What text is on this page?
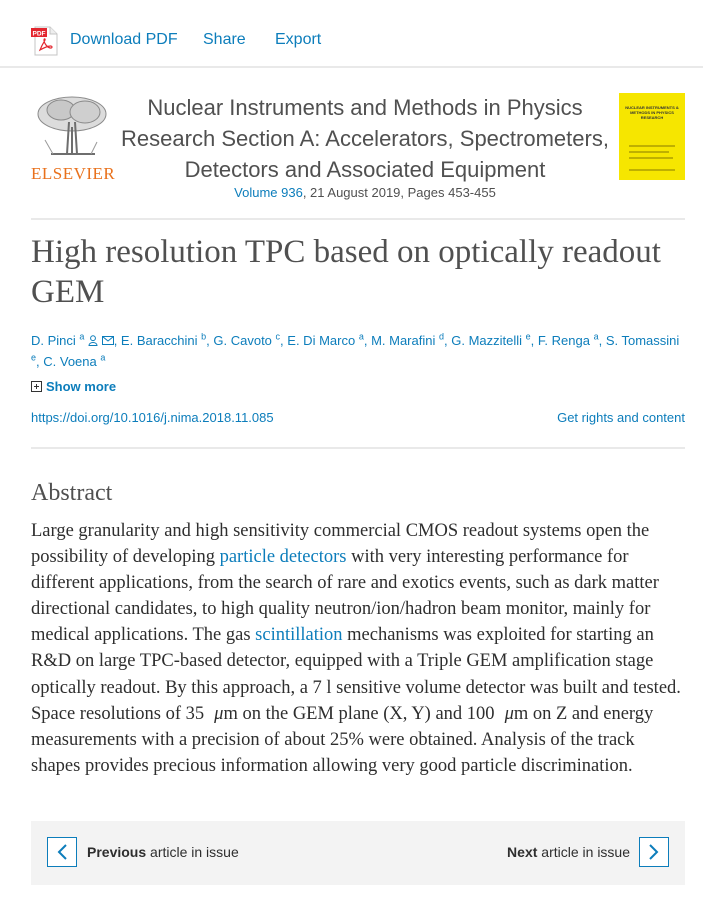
PDF Download PDF Share Export
ELSEVIER
Nuclear Instruments and Methods in Physics
Research Section A: Accelerators, Spectrometers,
Detectors and Associated Equipment
Volume 936, 21 August 2019, Pages 453-455
NUCLEAR INSTRUMENTS & METHODS IN PHYSICS RESEARCH
High resolution TPC based on optically readout GEM
D. Pinci $^a$ , E. Baracchini $^b$, G. Cavoto $^c$, E. Di Marco $^a$, M. Marafini $^d$, G. Mazzitelli $^e$, F. Renga $^a$, S. Tomassini $^e$, C. Voena $^a$
Show more
https://doi.org/10.1016/j.nima.2018.11.085	Get rights and content
Abstract

Large granularity and high sensitivity commercial CMOS readout systems open the possibility of developing particle detectors with very interesting performance for different applications, from the search of rare and exotics events, such as dark matter directional candidates, to high quality neutron/ion/hadron beam monitor, mainly for medical applications. The gas scintillation mechanisms was exploited for starting an R&D on large TPC-based detector, equipped with a Triple GEM amplification stage optically readout. By this approach, a 7 l sensitive volume detector was built and tested. Space resolutions of 35 μm on the GEM plane (X, Y) and 100 μm on Z and energy measurements with a precision of about 25% were obtained. Analysis of the track shapes provides precious information allowing very good particle discrimination.

Previous article in issue	Next article in issue
